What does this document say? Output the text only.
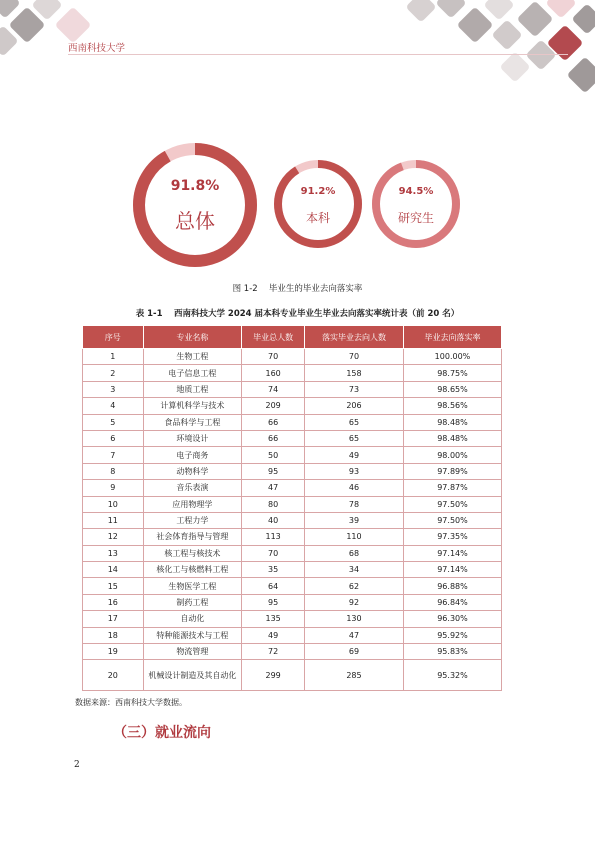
西南科技大学
91.8%
总体
91.2%
本科
94.5%
研究生
图 1-2　 毕业生的毕业去向落实率
表 1-1　 西南科技大学 2024 届本科专业毕业生毕业去向落实率统计表（前 20 名）
序号	专业名称	毕业总人数	落实毕业去向人数	毕业去向落实率
1	生物工程	70	70	100.00%
2	电子信息工程	160	158	98.75%
3	地质工程	74	73	98.65%
4	计算机科学与技术	209	206	98.56%
5	食品科学与工程	66	65	98.48%
6	环境设计	66	65	98.48%
7	电子商务	50	49	98.00%
8	动物科学	95	93	97.89%
9	音乐表演	47	46	97.87%
10	应用物理学	80	78	97.50%
11	工程力学	40	39	97.50%
12	社会体育指导与管理	113	110	97.35%
13	核工程与核技术	70	68	97.14%
14	核化工与核燃料工程	35	34	97.14%
15	生物医学工程	64	62	96.88%
16	制药工程	95	92	96.84%
17	自动化	135	130	96.30%
18	特种能源技术与工程	49	47	95.92%
19	物流管理	72	69	95.83%
20	机械设计制造及其自动化	299	285	95.32%
数据来源：西南科技大学数据。
（三）就业流向
2
